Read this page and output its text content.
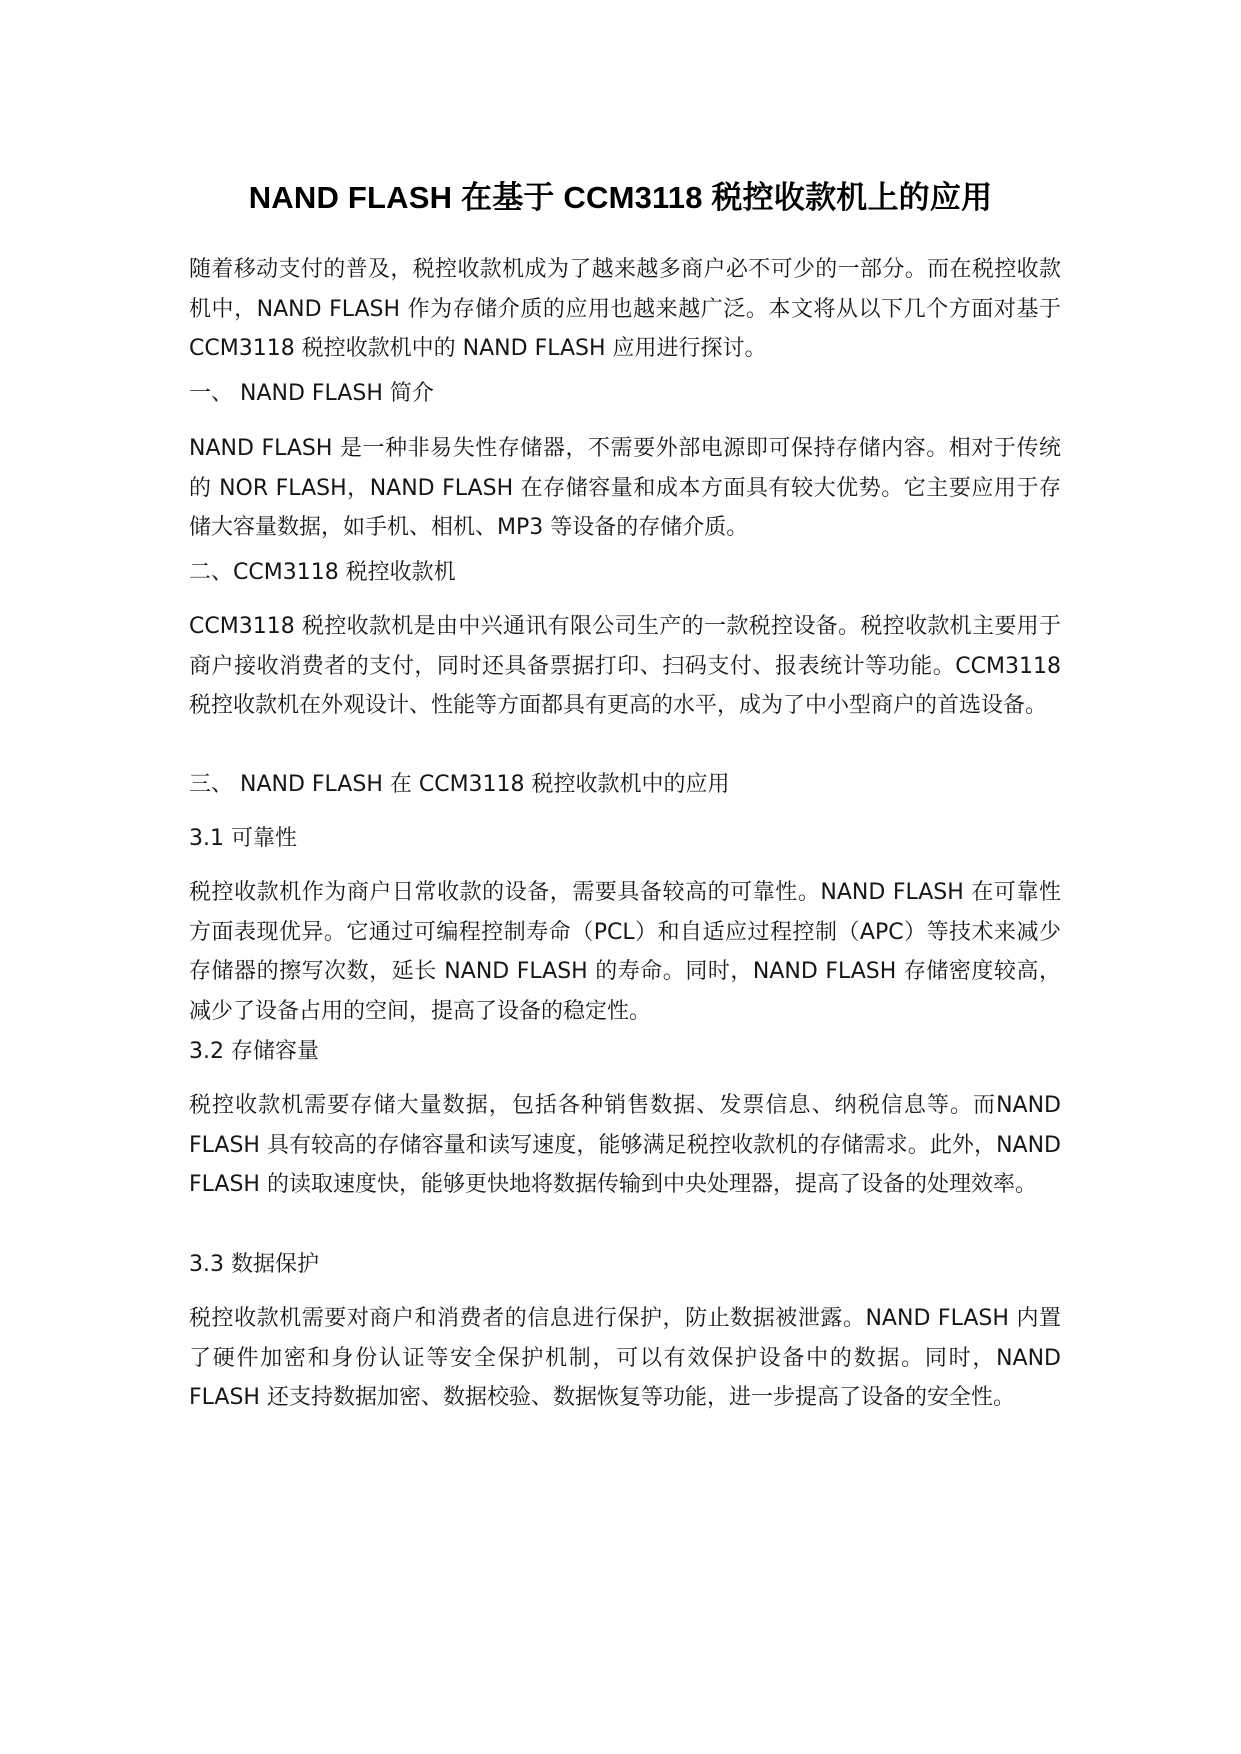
NAND FLASH 在基于 CCM3118 税控收款机上的应用
随着移动支付的普及，税控收款机成为了越来越多商户必不可少的一部分。而在税控收款机中，NAND FLASH 作为存储介质的应用也越来越广泛。本文将从以下几个方面对基于 CCM3118 税控收款机中的 NAND FLASH 应用进行探讨。
一、 NAND FLASH 简介
NAND FLASH 是一种非易失性存储器，不需要外部电源即可保持存储内容。相对于传统的 NOR FLASH，NAND FLASH 在存储容量和成本方面具有较大优势。它主要应用于存储大容量数据，如手机、相机、MP3 等设备的存储介质。
二、CCM3118 税控收款机
CCM3118 税控收款机是由中兴通讯有限公司生产的一款税控设备。税控收款机主要用于商户接收消费者的支付，同时还具备票据打印、扫码支付、报表统计等功能。CCM3118 税控收款机在外观设计、性能等方面都具有更高的水平，成为了中小型商户的首选设备。
三、 NAND FLASH 在 CCM3118 税控收款机中的应用
3.1 可靠性
税控收款机作为商户日常收款的设备，需要具备较高的可靠性。NAND FLASH 在可靠性方面表现优异。它通过可编程控制寿命（PCL）和自适应过程控制（APC）等技术来减少存储器的擦写次数，延长 NAND FLASH 的寿命。同时，NAND FLASH 存储密度较高，减少了设备占用的空间，提高了设备的稳定性。
3.2 存储容量
税控收款机需要存储大量数据，包括各种销售数据、发票信息、纳税信息等。而NAND FLASH 具有较高的存储容量和读写速度，能够满足税控收款机的存储需求。此外，NAND FLASH 的读取速度快，能够更快地将数据传输到中央处理器，提高了设备的处理效率。
3.3 数据保护
税控收款机需要对商户和消费者的信息进行保护，防止数据被泄露。NAND FLASH 内置了硬件加密和身份认证等安全保护机制，可以有效保护设备中的数据。同时，NAND FLASH 还支持数据加密、数据校验、数据恢复等功能，进一步提高了设备的安全性。
